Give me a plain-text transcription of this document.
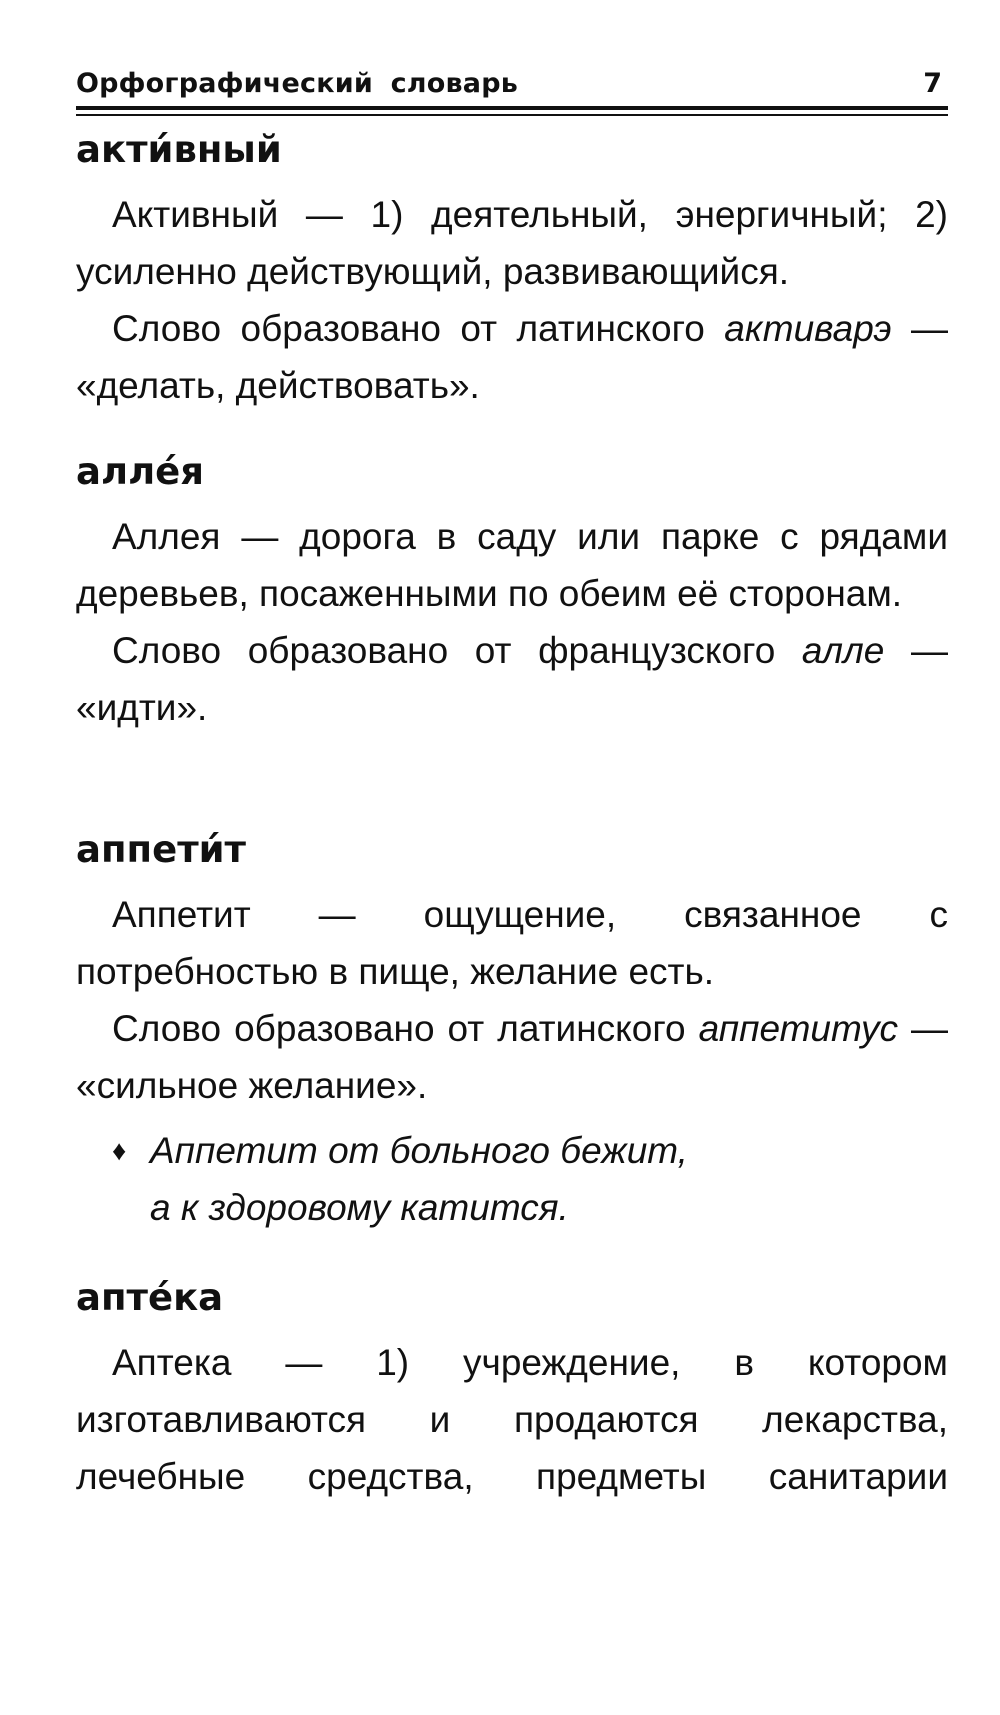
Орфографический словарь	7

акти́вный

Активный — 1) деятельный, энергичный; 2) усиленно действующий, развивающийся.

Слово образовано от латинского активарэ — «делать, действовать».

алле́я

Аллея — дорога в саду или парке с рядами деревьев, посаженными по обеим её сторонам.

Слово образовано от французского алле — «идти».

аппети́т

Аппетит — ощущение, связанное с потребностью в пище, желание есть.

Слово образовано от латинского аппетитус — «сильное желание».

♦ Аппетит от больного бежит,
а к здоровому катится.

апте́ка

Аптека — 1) учреждение, в котором изготавливаются и продаются лекарства, лечебные средства, предметы санитарии
